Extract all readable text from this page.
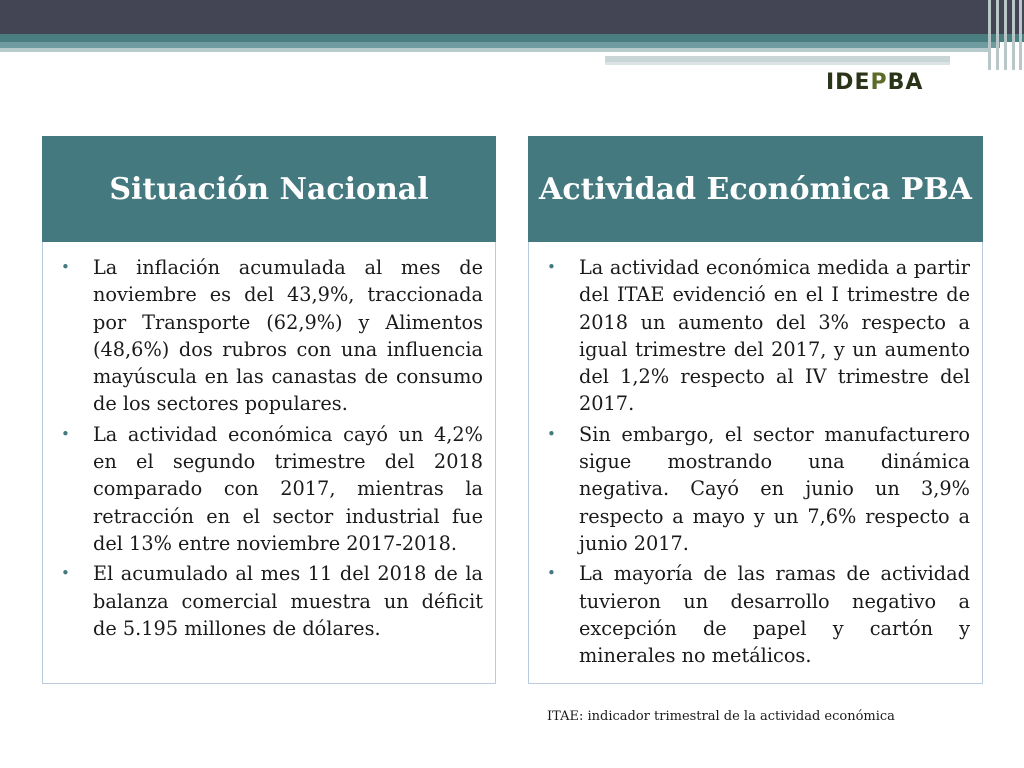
IDEPBA
Situación Nacional
• La inflación acumulada al mes de noviembre es del 43,9%, traccionada por Transporte (62,9%) y Alimentos (48,6%) dos rubros con una influencia mayúscula en las canastas de consumo de los sectores populares.
• La actividad económica cayó un 4,2% en el segundo trimestre del 2018 comparado con 2017, mientras la retracción en el sector industrial fue del 13% entre noviembre 2017-2018.
• El acumulado al mes 11 del 2018 de la balanza comercial muestra un déficit de 5.195 millones de dólares.
Actividad Económica PBA
• La actividad económica medida a partir del ITAE evidenció en el I trimestre de 2018 un aumento del 3% respecto a igual trimestre del 2017, y un aumento del 1,2% respecto al IV trimestre del 2017.
• Sin embargo, el sector manufacturero sigue mostrando una dinámica negativa. Cayó en junio un 3,9% respecto a mayo y un 7,6% respecto a junio 2017.
• La mayoría de las ramas de actividad tuvieron un desarrollo negativo a excepción de papel y cartón y minerales no metálicos.
ITAE: indicador trimestral de la actividad económica
